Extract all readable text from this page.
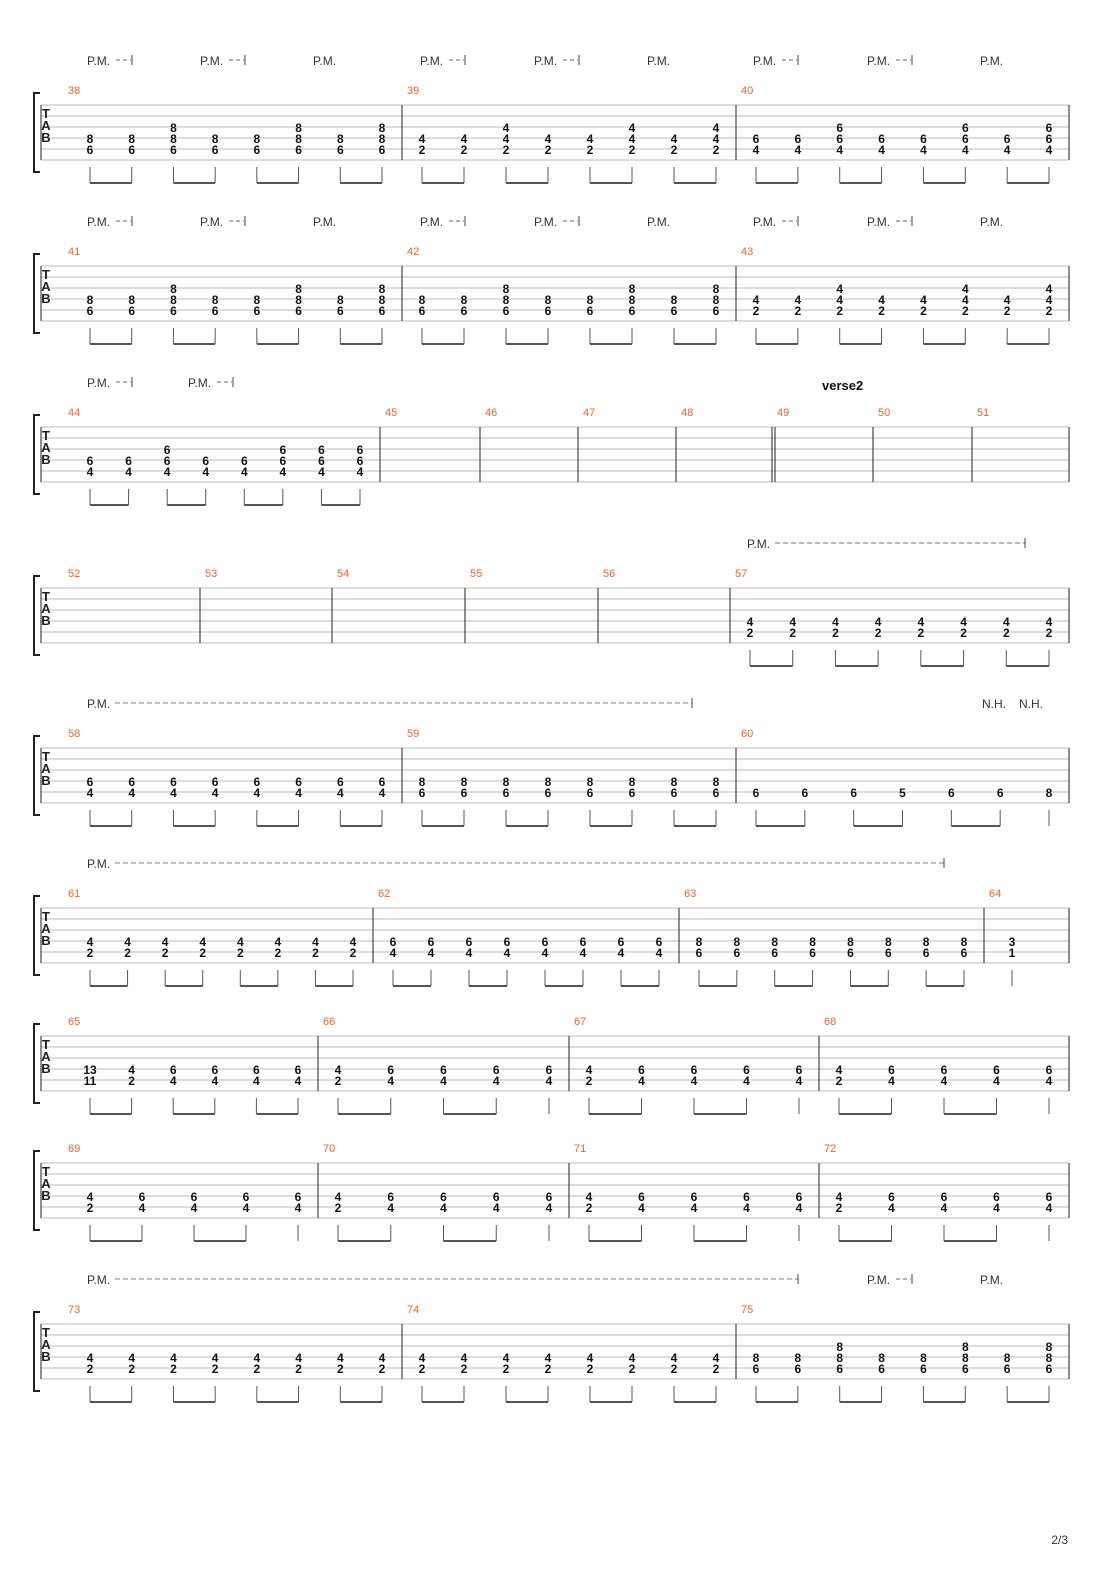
T
A
B
38
8
6
8
6
8
8
6
8
6
8
6
8
8
6
8
6
8
8
6
39
4
2
4
2
4
4
2
4
2
4
2
4
4
2
4
2
4
4
2
40
6
4
6
4
6
6
4
6
4
6
4
6
6
4
6
4
6
6
4
P.M.	P.M.	P.M.	P.M.	P.M.	P.M.	P.M.	P.M.	P.M.
T
A
B
41
8
6
8
6
8
8
6
8
6
8
6
8
8
6
8
6
8
8
6
42
8
6
8
6
8
8
6
8
6
8
6
8
8
6
8
6
8
8
6
43
4
2
4
2
4
4
2
4
2
4
2
4
4
2
4
2
4
4
2
P.M.	P.M.	P.M.	P.M.	P.M.	P.M.	P.M.	P.M.	P.M.
T
A
B
44
6
4
6
4
6
6
4
6
4
6
4
6
6
4
6
6
4
6
6
4
45	46	47	48	49
verse2
50	51
P.M.	P.M.
T
A
B
52	53	54	55	56	57
4
2
4
2
4
2
4
2
4
2
4
2
4
2
4
2
P.M.
T
A
B
58
6
4
6
4
6
4
6
4
6
4
6
4
6
4
6
4
59
8
6
8
6
8
6
8
6
8
6
8
6
8
6
8
6
60
6	6	6	5	6	6	8
P.M.	N.H. N.H.
T
A
B
61
4
2
4
2
4
2
4
2
4
2
4
2
4
2
4
2
62
6
4
6
4
6
4
6
4
6
4
6
4
6
4
6
4
63
8
6
8
6
8
6
8
6
8
6
8
6
8
6
8
6
64
3
1
P.M.
T
A
B
65
13
11
4
2
6
4
6
4
6
4
6
4
66
4
2
6
4
6
4
6
4
6
4
67
4
2
6
4
6
4
6
4
6
4
68
4
2
6
4
6
4
6
4
6
4
T
A
B
69
4
2
6
4
6
4
6
4
6
4
70
4
2
6
4
6
4
6
4
6
4
71
4
2
6
4
6
4
6
4
6
4
72
4
2
6
4
6
4
6
4
6
4
T
A
B
73
4
2
4
2
4
2
4
2
4
2
4
2
4
2
4
2
74
4
2
4
2
4
2
4
2
4
2
4
2
4
2
4
2
75
8
6
8
6
8
8
6
8
6
8
6
8
8
6
8
6
8
8
6
P.M.	P.M.	P.M.
2/3
